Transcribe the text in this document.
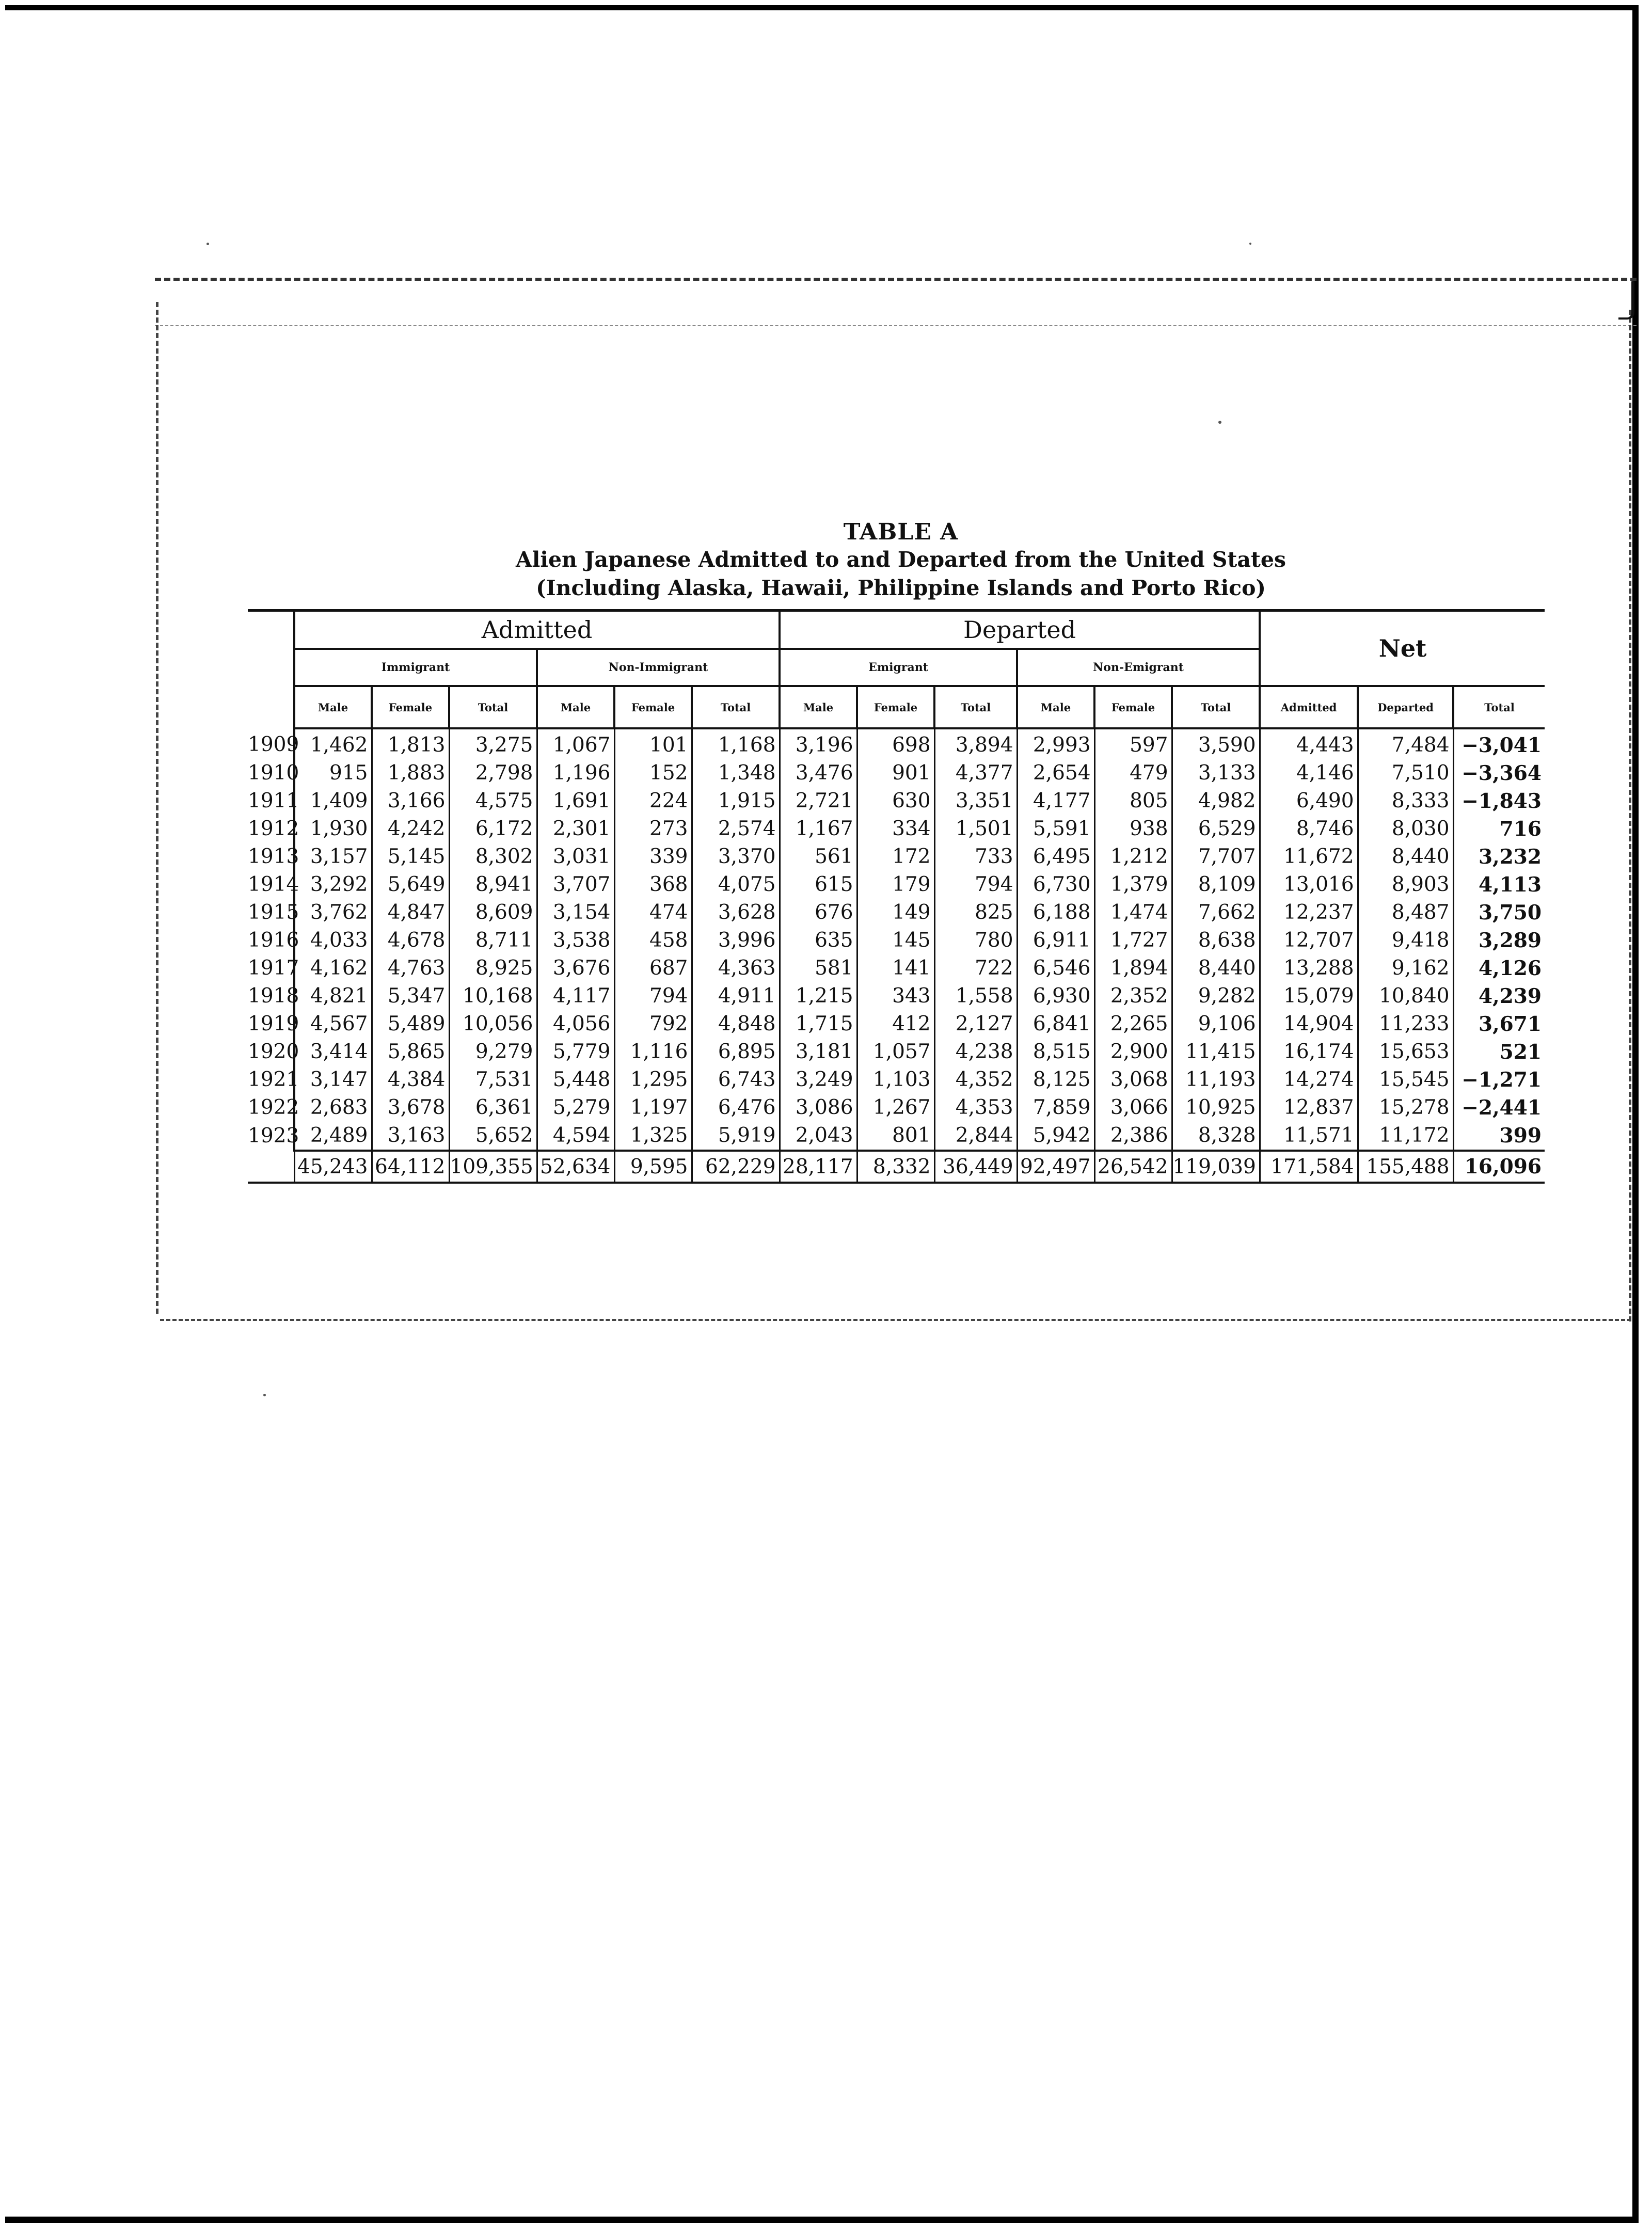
TABLE A
Alien Japanese Admitted to and Departed from the United States
(Including Alaska, Hawaii, Philippine Islands and Porto Rico)
	Admitted						Departed						Net		
	Immigrant			Non-Immigrant			Emigrant			Non-Emigrant					
	Male	Female	Total	Male	Female	Total	Male	Female	Total	Male	Female	Total	Admitted	Departed	Total
1909	1,462	1,813	3,275	1,067	101	1,168	3,196	698	3,894	2,993	597	3,590	4,443	7,484	−3,041
1910	915	1,883	2,798	1,196	152	1,348	3,476	901	4,377	2,654	479	3,133	4,146	7,510	−3,364
1911	1,409	3,166	4,575	1,691	224	1,915	2,721	630	3,351	4,177	805	4,982	6,490	8,333	−1,843
1912	1,930	4,242	6,172	2,301	273	2,574	1,167	334	1,501	5,591	938	6,529	8,746	8,030	716
1913	3,157	5,145	8,302	3,031	339	3,370	561	172	733	6,495	1,212	7,707	11,672	8,440	3,232
1914	3,292	5,649	8,941	3,707	368	4,075	615	179	794	6,730	1,379	8,109	13,016	8,903	4,113
1915	3,762	4,847	8,609	3,154	474	3,628	676	149	825	6,188	1,474	7,662	12,237	8,487	3,750
1916	4,033	4,678	8,711	3,538	458	3,996	635	145	780	6,911	1,727	8,638	12,707	9,418	3,289
1917	4,162	4,763	8,925	3,676	687	4,363	581	141	722	6,546	1,894	8,440	13,288	9,162	4,126
1918	4,821	5,347	10,168	4,117	794	4,911	1,215	343	1,558	6,930	2,352	9,282	15,079	10,840	4,239
1919	4,567	5,489	10,056	4,056	792	4,848	1,715	412	2,127	6,841	2,265	9,106	14,904	11,233	3,671
1920	3,414	5,865	9,279	5,779	1,116	6,895	3,181	1,057	4,238	8,515	2,900	11,415	16,174	15,653	521
1921	3,147	4,384	7,531	5,448	1,295	6,743	3,249	1,103	4,352	8,125	3,068	11,193	14,274	15,545	−1,271
1922	2,683	3,678	6,361	5,279	1,197	6,476	3,086	1,267	4,353	7,859	3,066	10,925	12,837	15,278	−2,441
1923	2,489	3,163	5,652	4,594	1,325	5,919	2,043	801	2,844	5,942	2,386	8,328	11,571	11,172	399
	45,243	64,112	109,355	52,634	9,595	62,229	28,117	8,332	36,449	92,497	26,542	119,039	171,584	155,488	16,096
